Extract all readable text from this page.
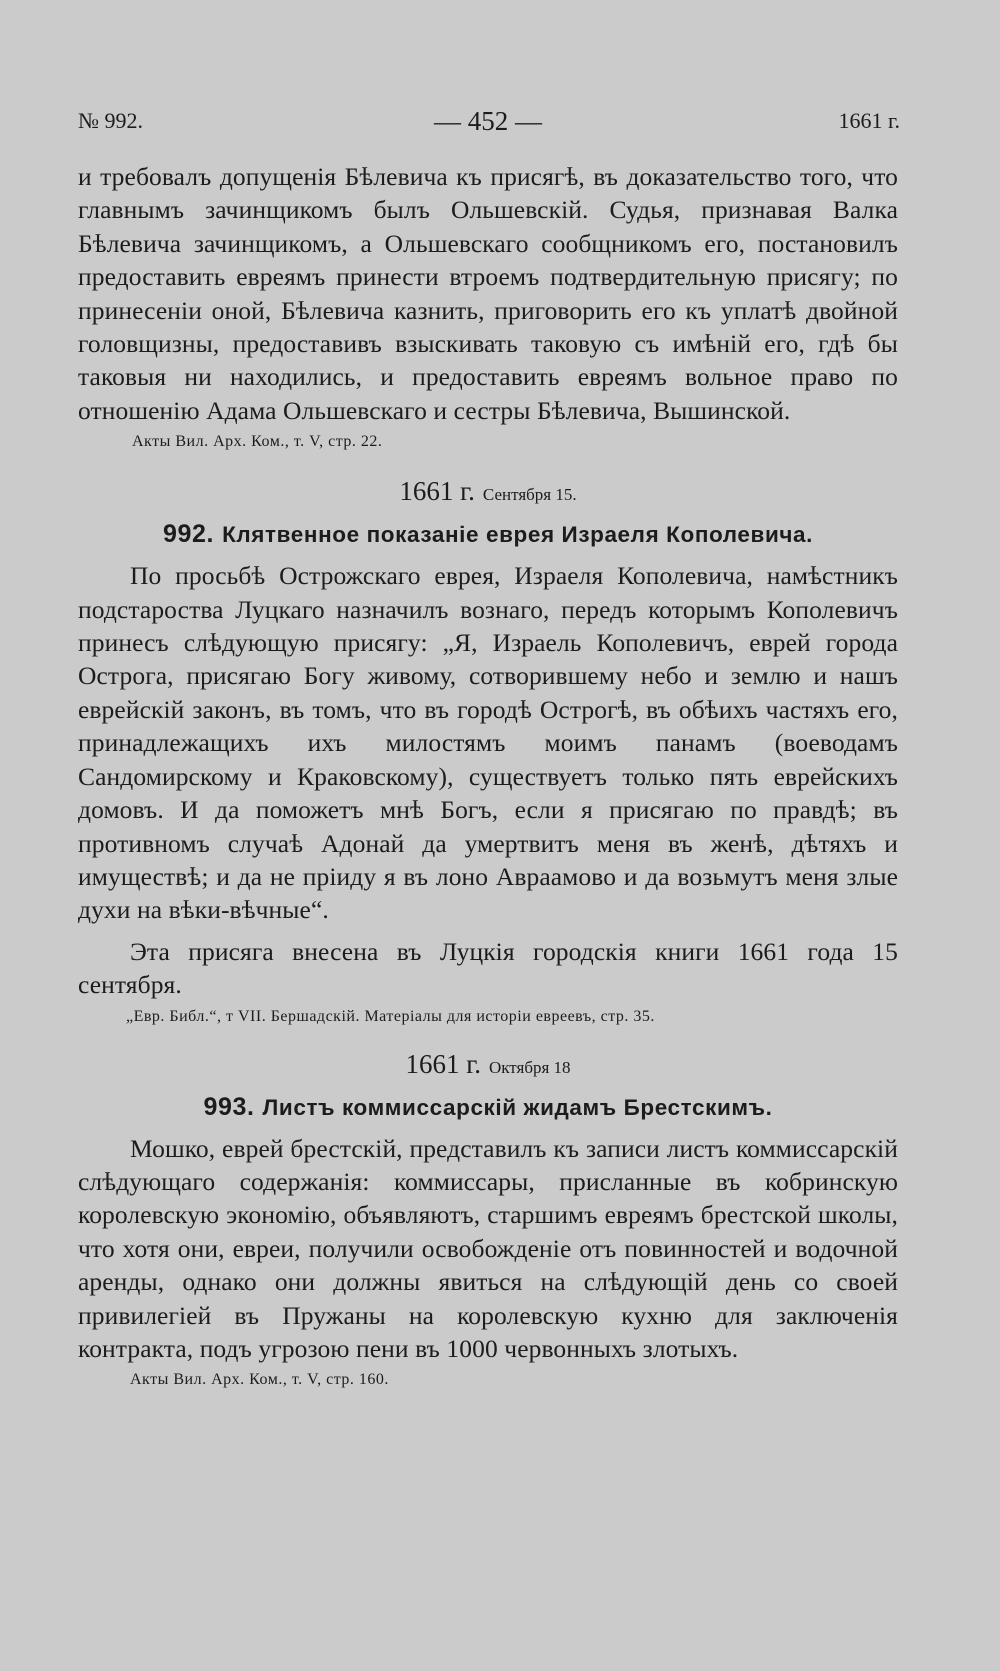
№ 992.	— 452 —	1661 г.

и требовалъ допущенія Бѣлевича къ присягѣ, въ доказательство того, что главнымъ зачинщикомъ былъ Ольшевскій. Судья, признавая Валка Бѣлевича зачинщикомъ, а Ольшевскаго сообщникомъ его, постановилъ предоставить евреямъ принести втроемъ подтвердительную присягу; по принесеніи оной, Бѣлевича казнить, приговорить его къ уплатѣ двойной головщизны, предоставивъ взыскивать таковую съ имѣній его, гдѣ бы таковыя ни находились, и предоставить евреямъ вольное право по отношенію Адама Ольшевскаго и сестры Бѣлевича, Вышинской.

Акты Вил. Арх. Ком., т. V, стр. 22.
1661 г. Сентября 15.
992. Клятвенное показаніе еврея Израеля Кополевича.

По просьбѣ Острожскаго еврея, Израеля Кополевича, намѣстникъ подстароства Луцкаго назначилъ вознаго, передъ которымъ Кополевичъ принесъ слѣдующую присягу: „Я, Израель Кополевичъ, еврей города Острога, присягаю Богу живому, сотворившему небо и землю и нашъ еврейскій законъ, въ томъ, что въ городѣ Острогѣ, въ обѣихъ частяхъ его, принадлежащихъ ихъ милостямъ моимъ панамъ (воеводамъ Сандомирскому и Краковскому), существуетъ только пять еврейскихъ домовъ. И да поможетъ мнѣ Богъ, если я присягаю по правдѣ; въ противномъ случаѣ Адонай да умертвитъ меня въ женѣ, дѣтяхъ и имуществѣ; и да не пріиду я въ лоно Авраамово и да возьмутъ меня злые духи на вѣки-вѣчные“.

Эта присяга внесена въ Луцкія городскія книги 1661 года 15 сентября.

„Евр. Библ.“, т VII. Бершадскій. Матеріалы для исторіи евреевъ, стр. 35.
1661 г. Октября 18
993. Листъ коммиссарскій жидамъ Брестскимъ.

Мошко, еврей брестскій, представилъ къ записи листъ коммиссарскій слѣдующаго содержанія: коммиссары, присланные въ кобринскую королевскую экономію, объявляютъ, старшимъ евреямъ брестской школы, что хотя они, евреи, получили освобожденіе отъ повинностей и водочной аренды, однако они должны явиться на слѣдующій день со своей привилегіей въ Пружаны на королевскую кухню для заключенія контракта, подъ угрозою пени въ 1000 червонныхъ злотыхъ.

Акты Вил. Арх. Ком., т. V, стр. 160.
